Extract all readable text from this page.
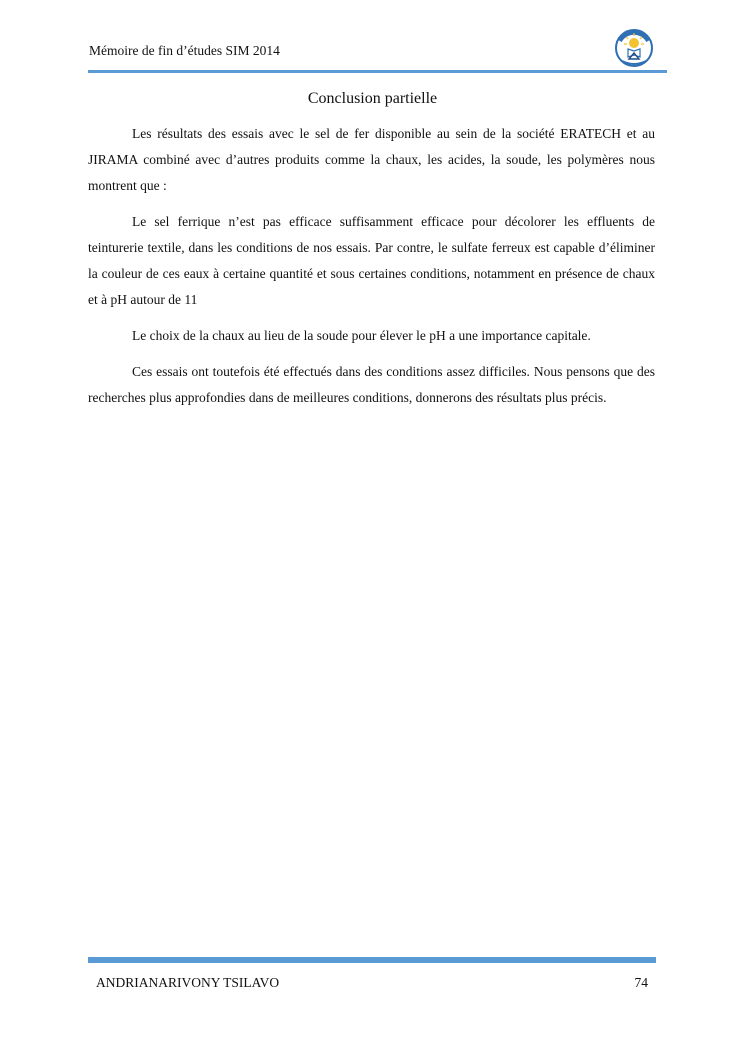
Mémoire de fin d’études SIM 2014
Conclusion partielle

Les résultats des essais avec le sel de fer disponible au sein de la société ERATECH et au JIRAMA combiné avec d’autres produits comme la chaux, les acides, la soude, les polymères nous montrent que :

Le sel ferrique n’est pas efficace suffisamment efficace pour décolorer les effluents de teinturerie textile, dans les conditions de nos essais. Par contre, le sulfate ferreux est capable d’éliminer la couleur de ces eaux à certaine quantité et sous certaines conditions, notamment en présence de chaux et à pH autour de 11

Le choix de la chaux au lieu de la soude pour élever le pH a une importance capitale.

Ces essais ont toutefois été effectués dans des conditions assez difficiles. Nous pensons que des recherches plus approfondies dans de meilleures conditions, donnerons des résultats plus précis.

ANDRIANARIVONY TSILAVO	74
